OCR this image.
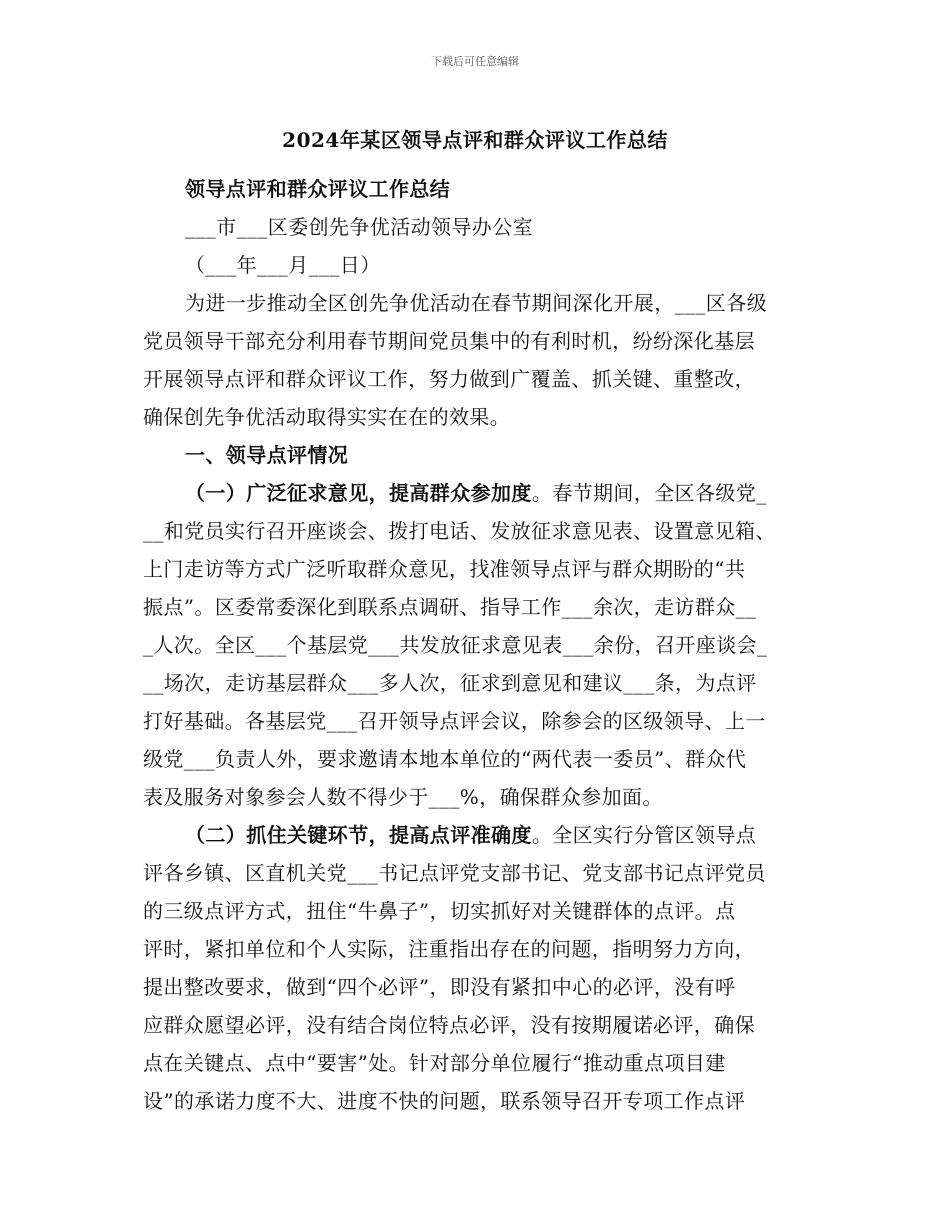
下载后可任意编辑
2024年某区领导点评和群众评议工作总结
领导点评和群众评议工作总结
___市___区委创先争优活动领导办公室
（___年___月___日）
为进一步推动全区创先争优活动在春节期间深化开展，___区各级
党员领导干部充分利用春节期间党员集中的有利时机，纷纷深化基层
开展领导点评和群众评议工作，努力做到广覆盖、抓关键、重整改，
确保创先争优活动取得实实在在的效果。
一、领导点评情况
（一）广泛征求意见，提高群众参加度。春节期间，全区各级党_
__和党员实行召开座谈会、拨打电话、发放征求意见表、设置意见箱、
上门走访等方式广泛听取群众意见，找准领导点评与群众期盼的“共
振点”。区委常委深化到联系点调研、指导工作___余次，走访群众__
_人次。全区___个基层党___共发放征求意见表___余份，召开座谈会_
__场次，走访基层群众___多人次，征求到意见和建议___条，为点评
打好基础。各基层党___召开领导点评会议，除参会的区级领导、上一
级党___负责人外，要求邀请本地本单位的“两代表一委员”、群众代
表及服务对象参会人数不得少于___%，确保群众参加面。
（二）抓住关键环节，提高点评准确度。全区实行分管区领导点
评各乡镇、区直机关党___书记点评党支部书记、党支部书记点评党员
的三级点评方式，扭住“牛鼻子”，切实抓好对关键群体的点评。点
评时，紧扣单位和个人实际，注重指出存在的问题，指明努力方向，
提出整改要求，做到“四个必评”，即没有紧扣中心的必评，没有呼
应群众愿望必评，没有结合岗位特点必评，没有按期履诺必评，确保
点在关键点、点中“要害”处。针对部分单位履行“推动重点项目建
设”的承诺力度不大、进度不快的问题，联系领导召开专项工作点评
